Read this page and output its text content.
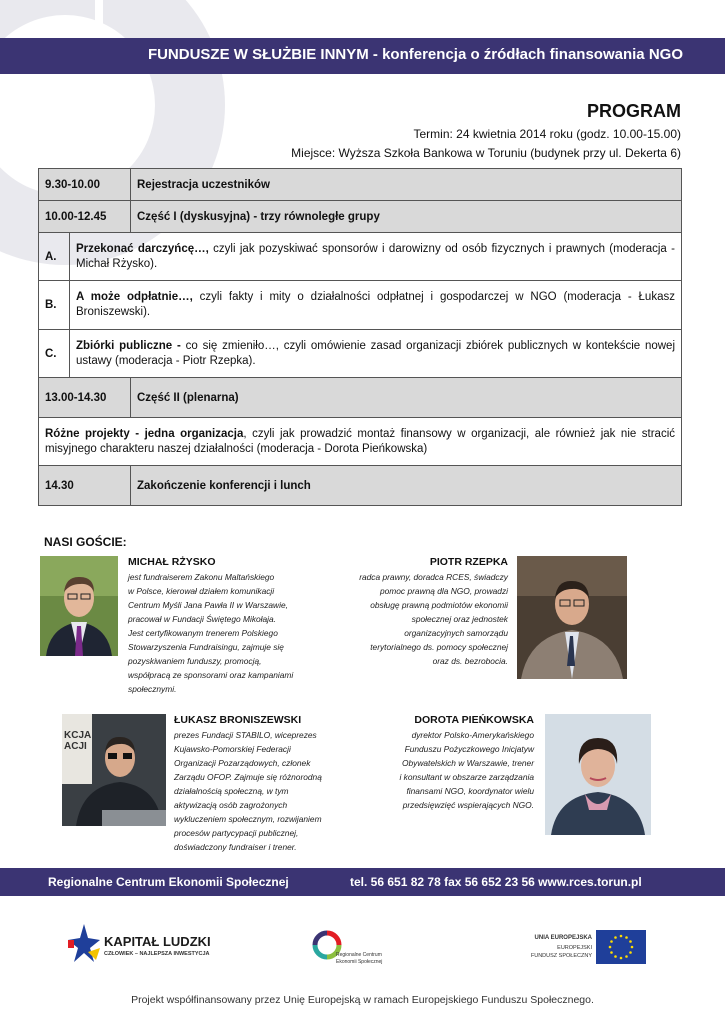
FUNDUSZE W SŁUŻBIE INNYM - konferencja o źródłach finansowania NGO
PROGRAM
Termin: 24 kwietnia 2014 roku (godz. 10.00-15.00)
Miejsce: Wyższa Szkoła Bankowa w Toruniu (budynek przy ul. Dekerta 6)
9.30-10.00		Rejestracja uczestników
10.00-12.45		Część I (dyskusyjna) - trzy równoległe grupy
A.	Przekonać darczyńcę…, czyli jak pozyskiwać sponsorów i darowizny od osób fizycznych i prawnych (moderacja - Michał Rżysko).	
B.	A może odpłatnie…, czyli fakty i mity o działalności odpłatnej i gospodarczej w NGO (moderacja - Łukasz Broniszewski).	
C.	Zbiórki publiczne - co się zmieniło…, czyli omówienie zasad organizacji zbiórek publicznych w kontekście nowej ustawy (moderacja - Piotr Rzepka).	
13.00-14.30		Część II (plenarna)
Różne projekty - jedna organizacja, czyli jak prowadzić montaż finansowy w organizacji, ale również jak nie stracić misyjnego charakteru naszej działalności (moderacja - Dorota Pieńkowska)		
14.30		Zakończenie konferencji i lunch
NASI GOŚCIE:
MICHAŁ RŻYSKO
jest fundraiserem Zakonu Maltańskiego
w Polsce, kierował działem komunikacji
Centrum Myśli Jana Pawła II w Warszawie,
pracował w Fundacji Świętego Mikołaja.
Jest certyfikowanym trenerem Polskiego
Stowarzyszenia Fundraisingu, zajmuje się
pozyskiwaniem funduszy, promocją,
współpracą ze sponsorami oraz kampaniami
społecznymi.
PIOTR RZEPKA
radca prawny, doradca RCES, świadczy
pomoc prawną dla NGO, prowadzi
obsługę prawną podmiotów ekonomii
społecznej oraz jednostek
organizacyjnych samorządu
terytorialnego ds. pomocy społecznej
oraz ds. bezrobocia.
KCJA ACJI
ŁUKASZ BRONISZEWSKI
prezes Fundacji STABILO, wiceprezes
Kujawsko-Pomorskiej Federacji
Organizacji Pozarządowych, członek
Zarządu OFOP. Zajmuje się różnorodną
działalnością społeczną, w tym
aktywizacją osób zagrożonych
wykluczeniem społecznym, rozwijaniem
procesów partycypacji publicznej,
doświadczony fundraiser i trener.
DOROTA PIEŃKOWSKA
dyrektor Polsko-Amerykańskiego
Funduszu Pożyczkowego Inicjatyw
Obywatelskich w Warszawie, trener
i konsultant w obszarze zarządzania
finansami NGO, koordynator wielu
przedsięwzięć wspierających NGO.
Regionalne Centrum Ekonomii Społecznej	tel. 56 651 82 78 fax 56 652 23 56 www.rces.torun.pl
KAPITAŁ LUDZKI
CZŁOWIEK – NAJLEPSZA INWESTYCJA	Regionalne Centrum
Ekonomii Społecznej
UNIA EUROPEJSKA
EUROPEJSKI
FUNDUSZ SPOŁECZNY
Projekt współfinansowany przez Unię Europejską w ramach Europejskiego Funduszu Społecznego.
